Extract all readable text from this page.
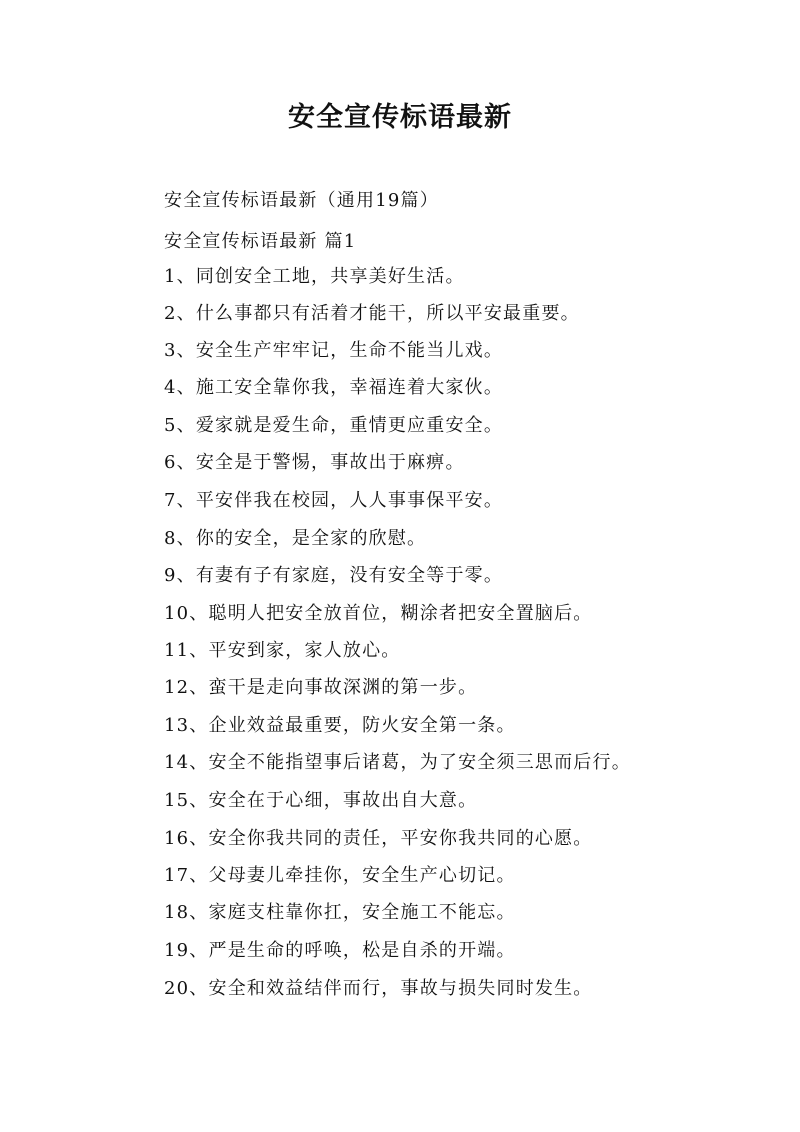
安全宣传标语最新
安全宣传标语最新（通用19篇）
安全宣传标语最新 篇1
1、同创安全工地，共享美好生活。
2、什么事都只有活着才能干，所以平安最重要。
3、安全生产牢牢记，生命不能当儿戏。
4、施工安全靠你我，幸福连着大家伙。
5、爱家就是爱生命，重情更应重安全。
6、安全是于警惕，事故出于麻痹。
7、平安伴我在校园，人人事事保平安。
8、你的安全，是全家的欣慰。
9、有妻有子有家庭，没有安全等于零。
10、聪明人把安全放首位，糊涂者把安全置脑后。
11、平安到家，家人放心。
12、蛮干是走向事故深渊的第一步。
13、企业效益最重要，防火安全第一条。
14、安全不能指望事后诸葛，为了安全须三思而后行。
15、安全在于心细，事故出自大意。
16、安全你我共同的责任，平安你我共同的心愿。
17、父母妻儿牵挂你，安全生产心切记。
18、家庭支柱靠你扛，安全施工不能忘。
19、严是生命的呼唤，松是自杀的开端。
20、安全和效益结伴而行，事故与损失同时发生。
